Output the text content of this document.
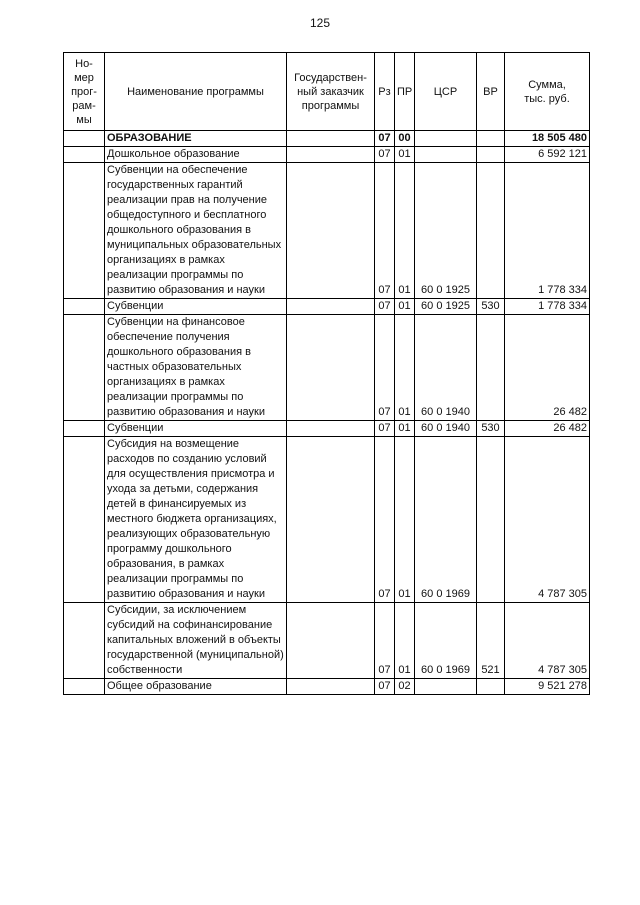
125
Но-
мер
прог-
рам-
мы	Наименование программы	Государствен-
ный заказчик
программы	Рз	ПР	ЦСР	ВР	Сумма,
тыс. руб.
	ОБРАЗОВАНИЕ		07	00			18 505 480
	Дошкольное образование		07	01			6 592 121
	Субвенции на обеспечение государственных гарантий реализации прав на получение общедоступного и бесплатного дошкольного образования в муниципальных образовательных организациях в рамках реализации программы по развитию образования и науки		07	01	60 0 1925		1 778 334
	Субвенции		07	01	60 0 1925	530	1 778 334
	Субвенции на финансовое обеспечение получения дошкольного образования в частных образовательных организациях в рамках реализации программы по развитию образования и науки		07	01	60 0 1940		26 482
	Субвенции		07	01	60 0 1940	530	26 482
	Субсидия на возмещение расходов по созданию условий для осуществления присмотра и ухода за детьми, содержания детей в финансируемых из местного бюджета организациях, реализующих образовательную программу дошкольного образования, в рамках реализации программы по развитию образования и науки		07	01	60 0 1969		4 787 305
	Субсидии, за исключением субсидий на софинансирование капитальных вложений в объекты государственной (муниципальной) собственности		07	01	60 0 1969	521	4 787 305
	Общее образование		07	02			9 521 278
